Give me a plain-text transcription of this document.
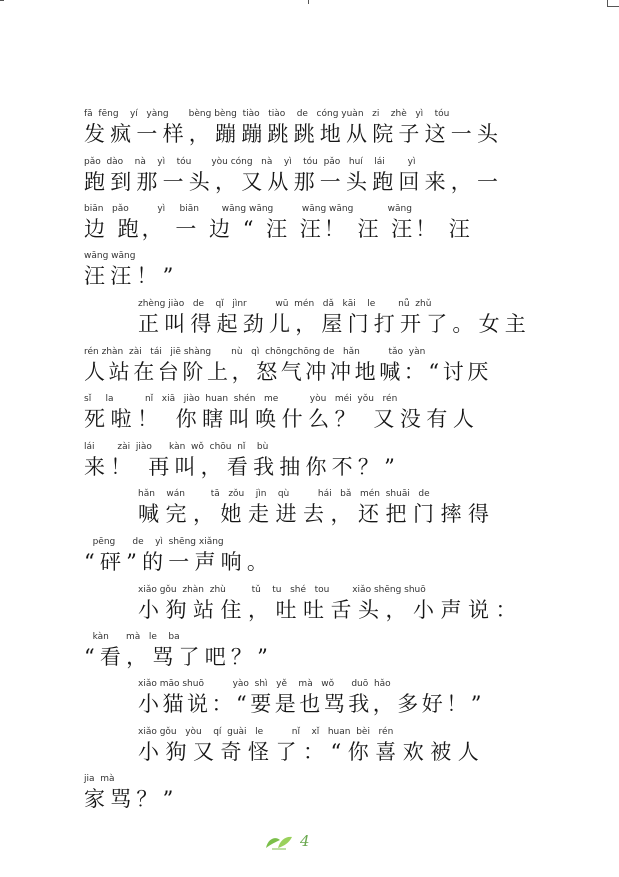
fā  fēng    yí   yàng       bèng bèng  tiào   tiào    de   cóng yuàn   zi    zhè   yì    tóu
发疯一样，蹦蹦跳跳地从院子这一头
pǎo  dào    nà    yì    tóu       yòu cóng   nà    yì    tóu  pǎo   huí    lái        yì
跑到那一头，又从那一头跑回来，一
biān   pǎo          yì     biān        wāng wāng          wāng wāng            wāng
边 跑， 一 边 “ 汪 汪！ 汪 汪！ 汪
wāng wāng
汪汪！”
zhèng jiào   de    qǐ   jìnr          wū  mén   dǎ   kāi    le        nǚ  zhǔ
正叫得起劲儿，屋门打开了。女主
rén zhàn  zài   tái   jiē shàng       nù   qì  chōngchōng de   hǎn          tǎo  yàn
人站在台阶上，怒气冲冲地喊：“讨厌
sǐ     la           nǐ   xiā   jiào  huan  shén   me           yòu   méi  yǒu   rén
死啦！ 你瞎叫唤什么？ 又没有人
lái        zài  jiào      kàn  wǒ  chōu  nǐ    bù
来！ 再叫，看我抽你不？”
hǎn    wán         tā   zǒu    jìn    qù          hái   bǎ   mén  shuāi   de
喊完，她走进去，还把门摔得
pēng      de    yì  shēng xiǎng
“砰”的一声响。
xiǎo gǒu  zhàn  zhù         tǔ    tu   shé   tou        xiǎo shēng shuō
小狗站住，吐吐舌头，小声说：
kàn      mà   le    ba
“看，骂了吧？”
xiǎo māo shuō          yào  shì   yě    mà   wǒ      duō  hǎo
小猫说：“要是也骂我，多好！”
xiǎo gǒu   yòu    qí  guài   le          nǐ    xǐ   huan  bèi   rén
小狗又奇怪了：“你喜欢被人
jia  mà
家骂？”
4
